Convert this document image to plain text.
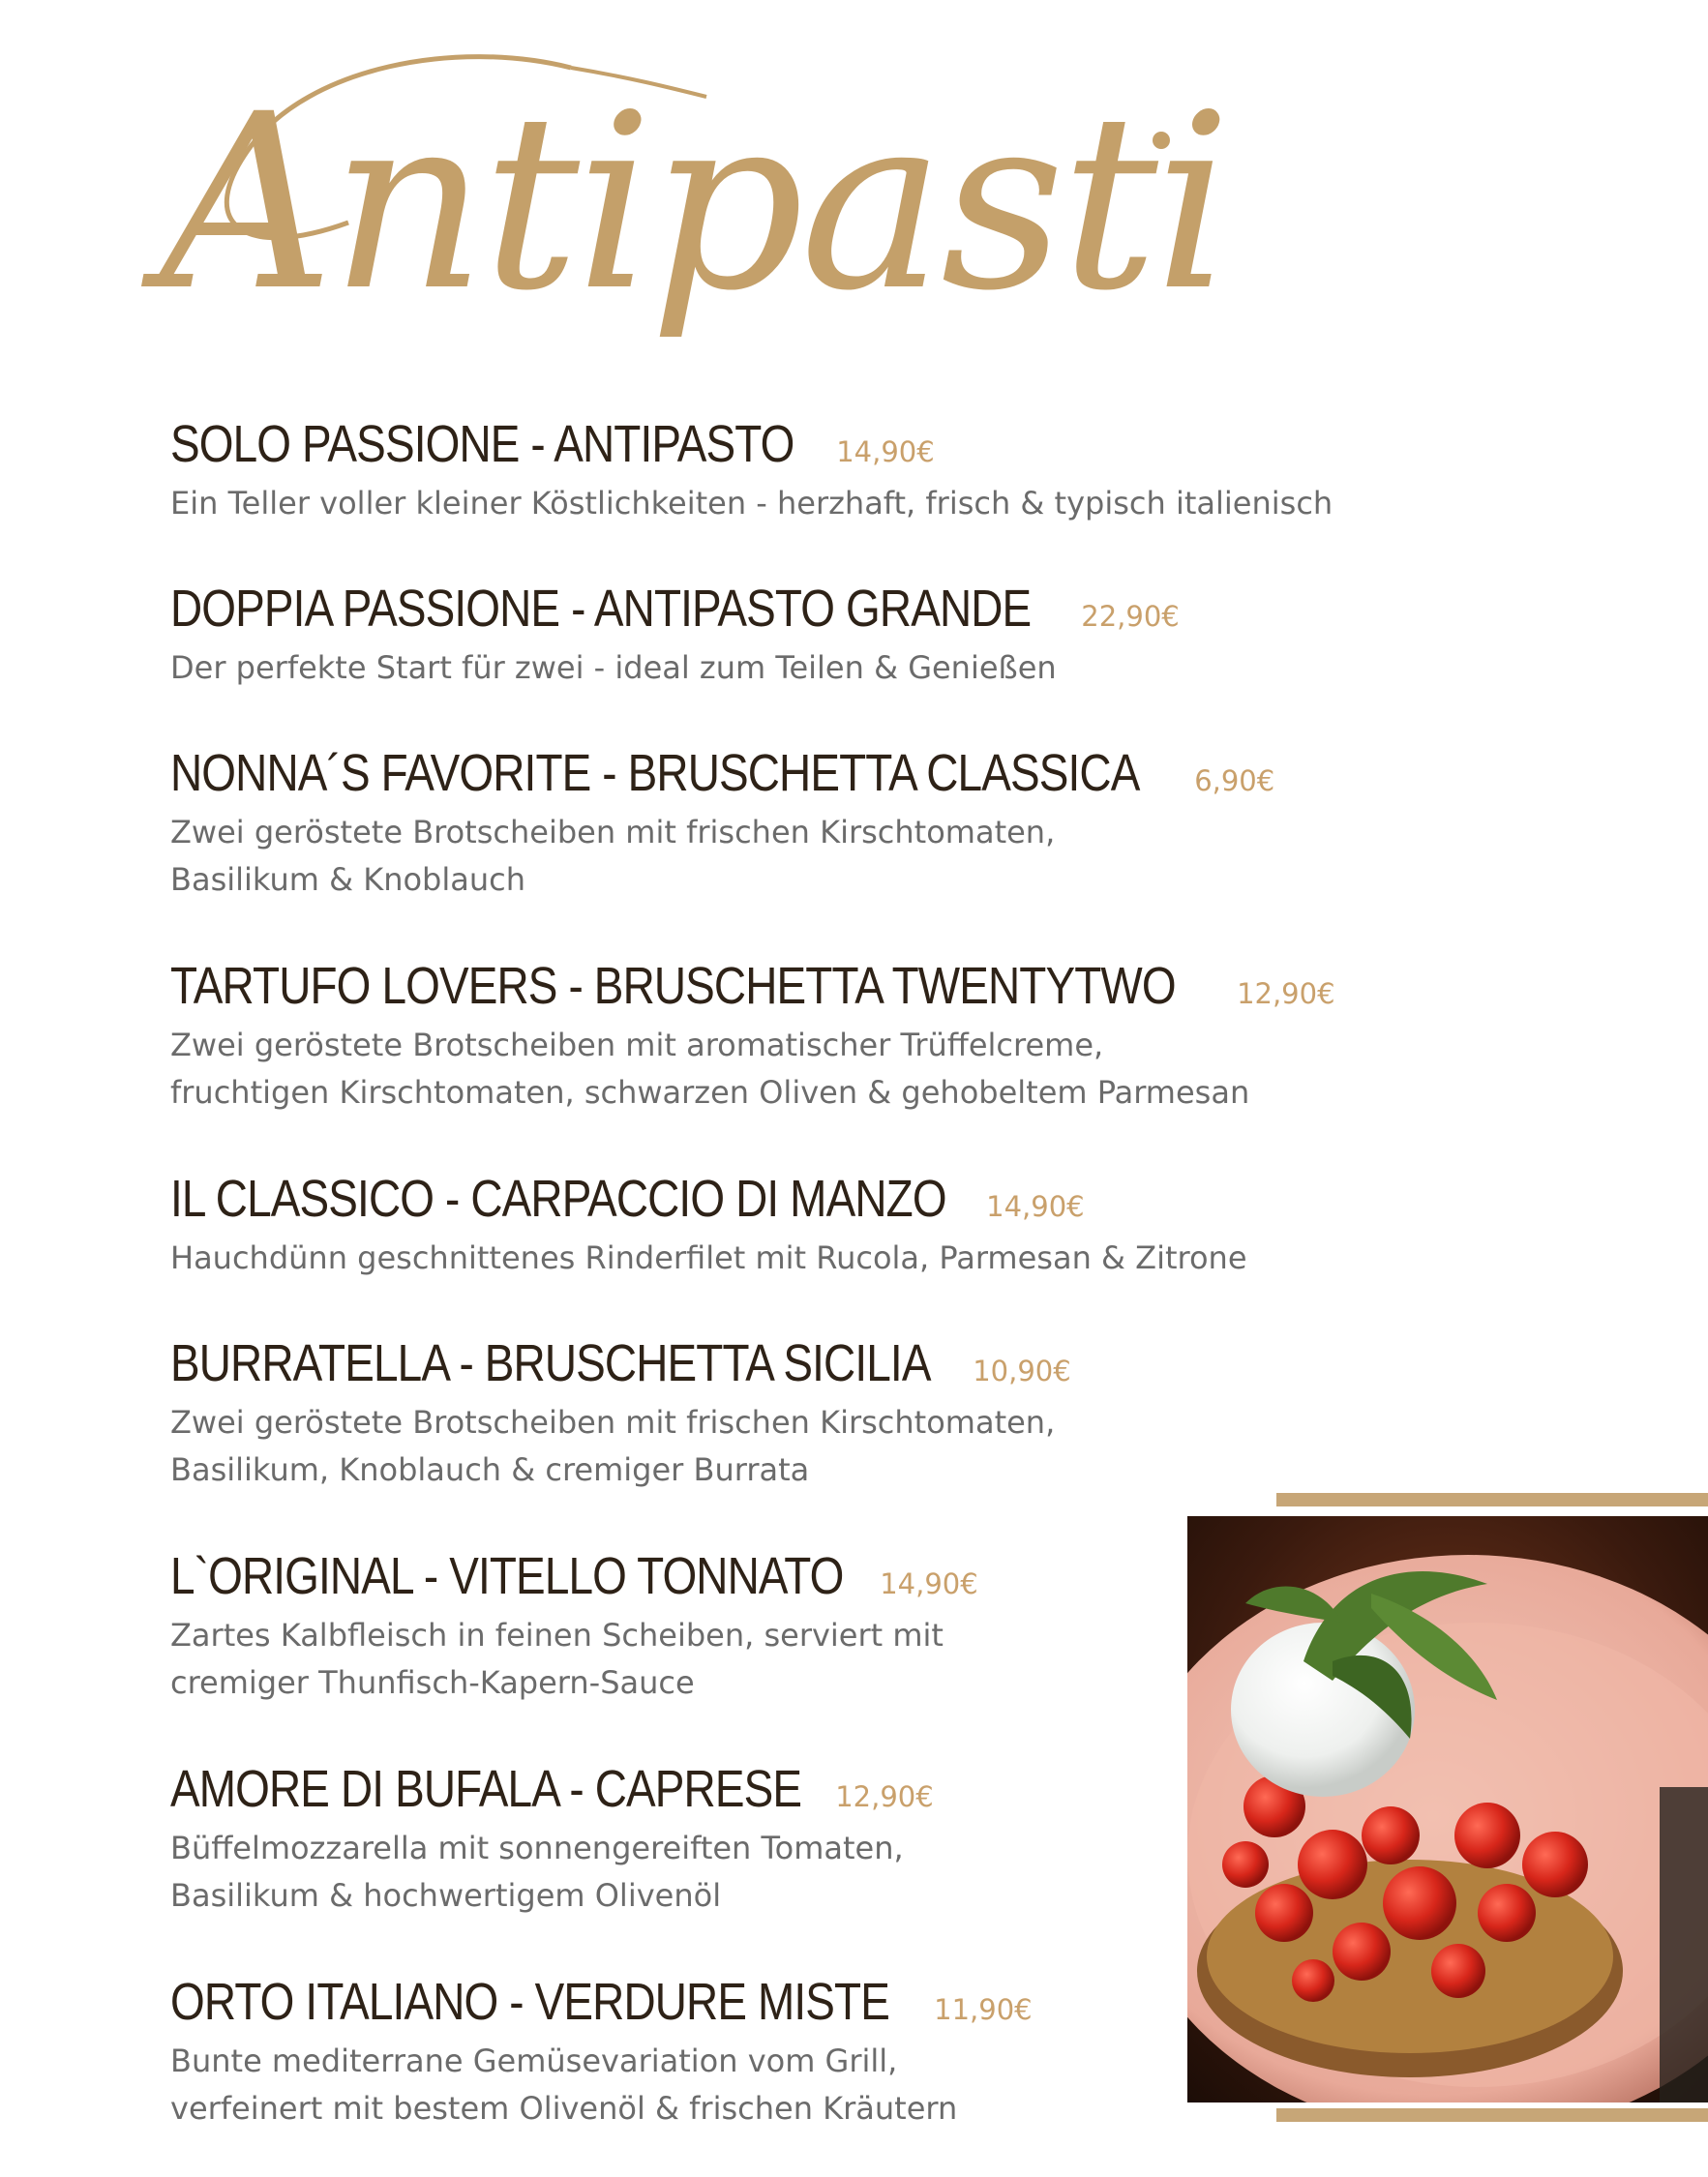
Antipasti
SOLO PASSIONE - ANTIPASTO 14,90€
Ein Teller voller kleiner Köstlichkeiten - herzhaft, frisch & typisch italienisch
DOPPIA PASSIONE - ANTIPASTO GRANDE 22,90€
Der perfekte Start für zwei - ideal zum Teilen & Genießen
NONNA´S FAVORITE - BRUSCHETTA CLASSICA 6,90€
Zwei geröstete Brotscheiben mit frischen Kirschtomaten,
Basilikum & Knoblauch
TARTUFO LOVERS - BRUSCHETTA TWENTYTWO 12,90€
Zwei geröstete Brotscheiben mit aromatischer Trüffelcreme,
fruchtigen Kirschtomaten, schwarzen Oliven & gehobeltem Parmesan
IL CLASSICO - CARPACCIO DI MANZO 14,90€
Hauchdünn geschnittenes Rinderfilet mit Rucola, Parmesan & Zitrone
BURRATELLA - BRUSCHETTA SICILIA 10,90€
Zwei geröstete Brotscheiben mit frischen Kirschtomaten,
Basilikum, Knoblauch & cremiger Burrata
L`ORIGINAL - VITELLO TONNATO 14,90€
Zartes Kalbfleisch in feinen Scheiben, serviert mit
cremiger Thunfisch-Kapern-Sauce
AMORE DI BUFALA - CAPRESE 12,90€
Büffelmozzarella mit sonnengereiften Tomaten,
Basilikum & hochwertigem Olivenöl
ORTO ITALIANO - VERDURE MISTE 11,90€
Bunte mediterrane Gemüsevariation vom Grill,
verfeinert mit bestem Olivenöl & frischen Kräutern
